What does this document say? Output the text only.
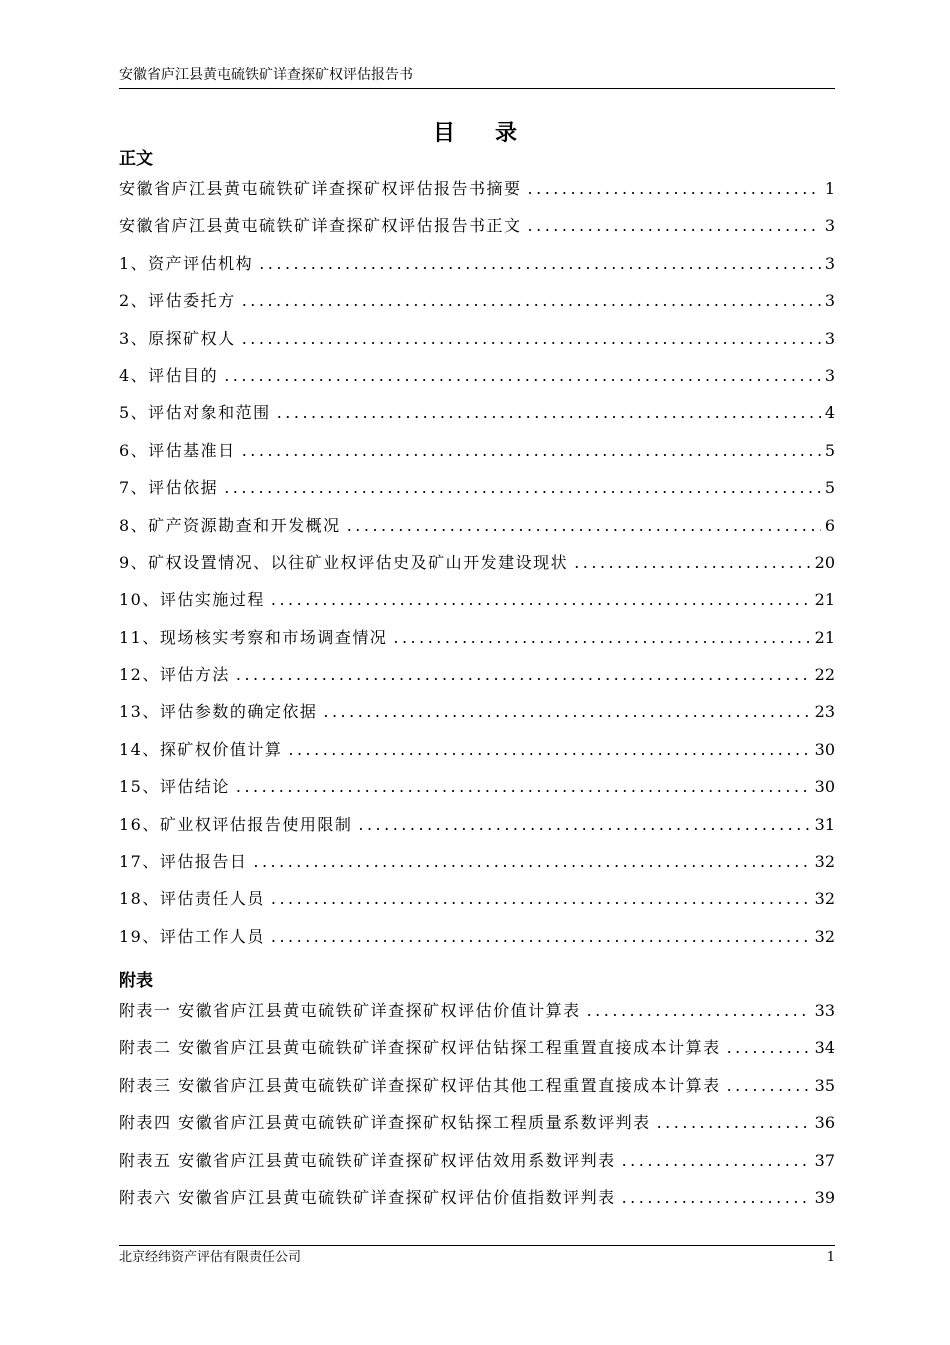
安徽省庐江县黄屯硫铁矿详查探矿权评估报告书
目录
正文
安徽省庐江县黄屯硫铁矿详查探矿权评估报告书摘要 .....	1
安徽省庐江县黄屯硫铁矿详查探矿权评估报告书正文 .....	3
1、资产评估机构 .....	3
2、评估委托方 .....	3
3、原探矿权人 .....	3
4、评估目的 .....	3
5、评估对象和范围 .....	4
6、评估基准日 .....	5
7、评估依据 .....	5
8、矿产资源勘查和开发概况 .....	6
9、矿权设置情况、以往矿业权评估史及矿山开发建设现状 .....	20
10、评估实施过程 .....	21
11、现场核实考察和市场调查情况 .....	21
12、评估方法 .....	22
13、评估参数的确定依据 .....	23
14、探矿权价值计算 .....	30
15、评估结论 .....	30
16、矿业权评估报告使用限制 .....	31
17、评估报告日 .....	32
18、评估责任人员 .....	32
19、评估工作人员 .....	32
附表
附表一 安徽省庐江县黄屯硫铁矿详查探矿权评估价值计算表 .....	33
附表二 安徽省庐江县黄屯硫铁矿详查探矿权评估钻探工程重置直接成本计算表 .....	34
附表三 安徽省庐江县黄屯硫铁矿详查探矿权评估其他工程重置直接成本计算表 .....	35
附表四 安徽省庐江县黄屯硫铁矿详查探矿权钻探工程质量系数评判表 .....	36
附表五 安徽省庐江县黄屯硫铁矿详查探矿权评估效用系数评判表 .....	37
附表六 安徽省庐江县黄屯硫铁矿详查探矿权评估价值指数评判表 .....	39
北京经纬资产评估有限责任公司	1
